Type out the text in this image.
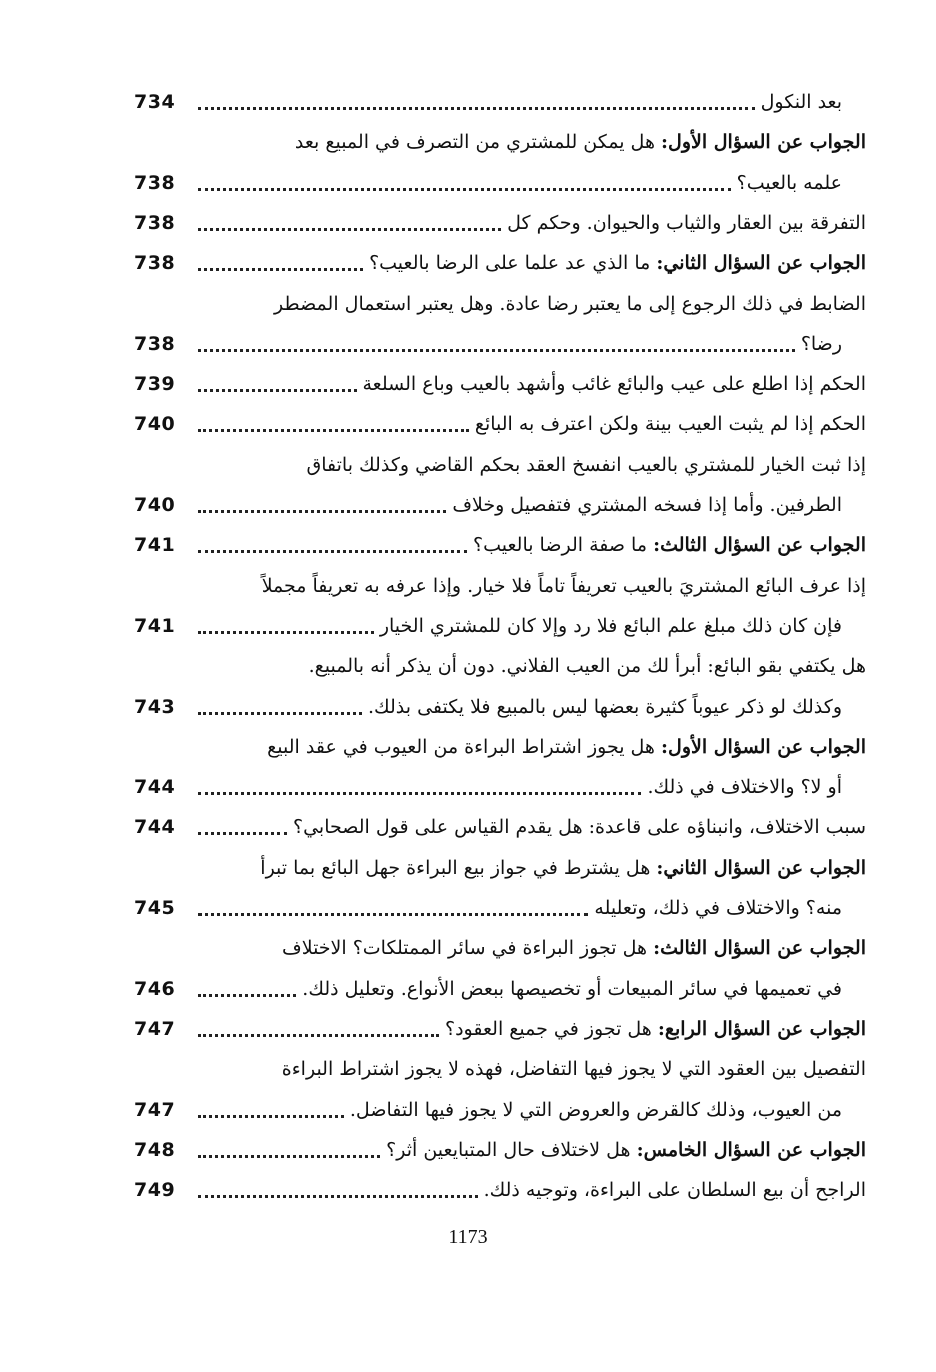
734	بعد النكول
الجواب عن السؤال الأول: هل يمكن للمشتري من التصرف في المبيع بعد
738	علمه بالعيب؟
738	التفرقة بين العقار والثياب والحيوان. وحكم كل
738	الجواب عن السؤال الثاني: ما الذي عد علما على الرضا بالعيب؟
الضابط في ذلك الرجوع إلى ما يعتبر رضا عادة. وهل يعتبر استعمال المضطر
738	رضا؟
739	الحكم إذا اطلع على عيب والبائع غائب وأشهد بالعيب وباع السلعة
740	الحكم إذا لم يثبت العيب بينة ولكن اعترف به البائع
إذا ثبت الخيار للمشتري بالعيب انفسخ العقد بحكم القاضي وكذلك باتفاق
740	الطرفين. وأما إذا فسخه المشتري فتفصيل وخلاف
741	الجواب عن السؤال الثالث: ما صفة الرضا بالعيب؟
إذا عرف البائع المشتريَ بالعيب تعريفاً تاماً فلا خيار. وإذا عرفه به تعريفاً مجملاً
741	فإن كان ذلك مبلغ علم البائع فلا رد وإلا كان للمشتري الخيار
هل يكتفي بقو البائع: أبرأ لك من العيب الفلاني. دون أن يذكر أنه بالمبيع.
743	وكذلك لو ذكر عيوباً كثيرة بعضها ليس بالمبيع فلا يكتفى بذلك.
الجواب عن السؤال الأول: هل يجوز اشتراط البراءة من العيوب في عقد البيع
744	أو لا؟ والاختلاف في ذلك.
744	سبب الاختلاف، وانبناؤه على قاعدة: هل يقدم القياس على قول الصحابي؟
الجواب عن السؤال الثاني: هل يشترط في جواز بيع البراءة جهل البائع بما تبرأ
745	منه؟ والاختلاف في ذلك، وتعليله
الجواب عن السؤال الثالث: هل تجوز البراءة في سائر الممتلكات؟ الاختلاف
746	في تعميمها في سائر المبيعات أو تخصيصها ببعض الأنواع. وتعليل ذلك.
747	الجواب عن السؤال الرابع: هل تجوز في جميع العقود؟
التفصيل بين العقود التي لا يجوز فيها التفاضل، فهذه لا يجوز اشتراط البراءة
747	من العيوب، وذلك كالقرض والعروض التي لا يجوز فيها التفاضل.
748	الجواب عن السؤال الخامس: هل لاختلاف حال المتبايعين أثر؟
749	الراجح أن بيع السلطان على البراءة، وتوجيه ذلك.
1173
